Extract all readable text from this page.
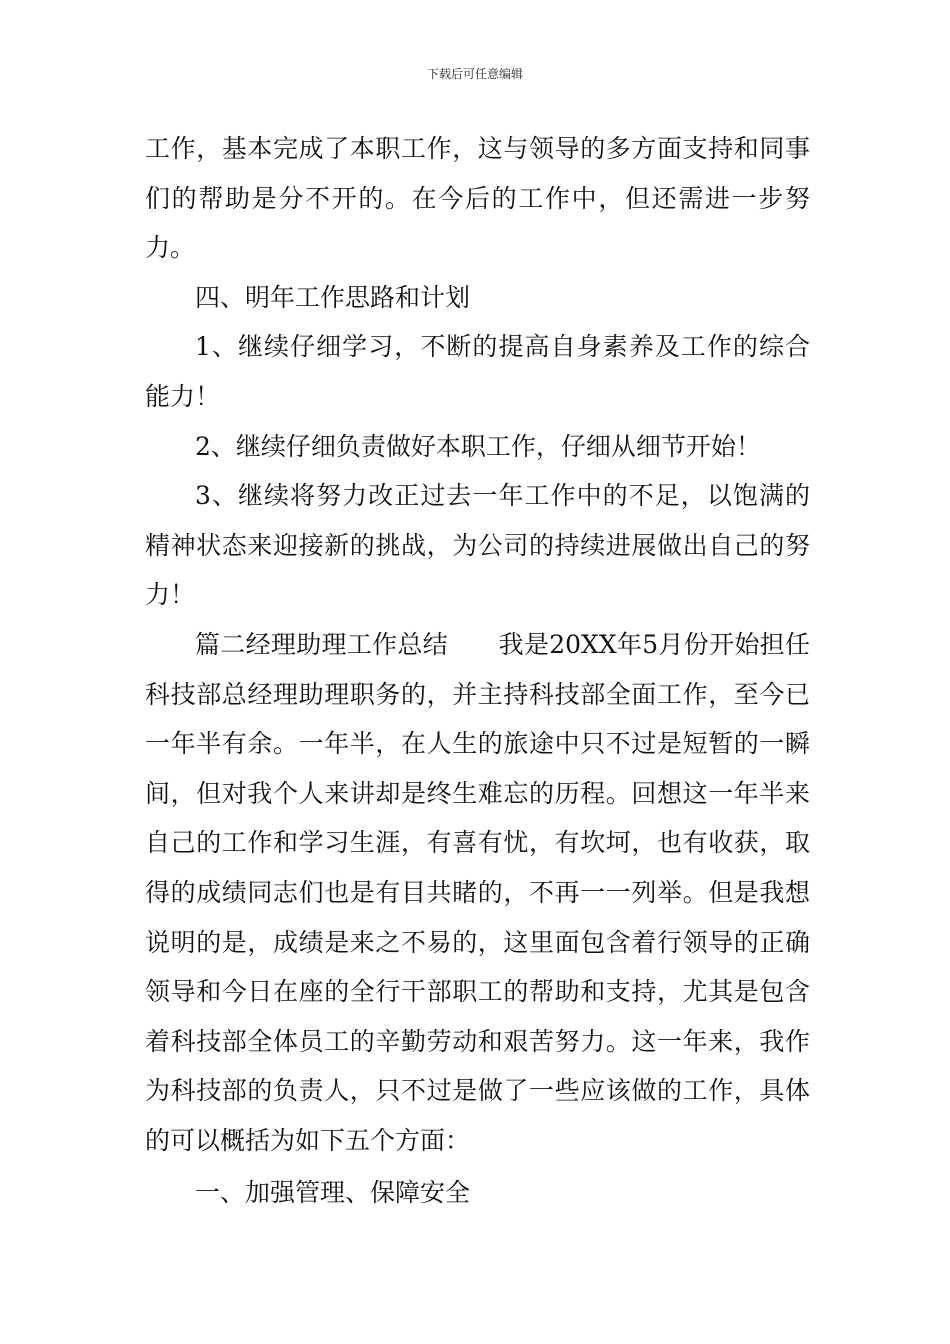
下载后可任意编辑

工作，基本完成了本职工作，这与领导的多方面支持和同事们的帮助是分不开的。在今后的工作中，但还需进一步努力。

四、明年工作思路和计划

1、继续仔细学习，不断的提高自身素养及工作的综合能力！

2、继续仔细负责做好本职工作，仔细从细节开始！

3、继续将努力改正过去一年工作中的不足，以饱满的精神状态来迎接新的挑战，为公司的持续进展做出自己的努力！

篇二经理助理工作总结　　我是20XX年5月份开始担任科技部总经理助理职务的，并主持科技部全面工作，至今已一年半有余。一年半，在人生的旅途中只不过是短暂的一瞬间，但对我个人来讲却是终生难忘的历程。回想这一年半来自己的工作和学习生涯，有喜有忧，有坎坷，也有收获，取得的成绩同志们也是有目共睹的，不再一一列举。但是我想说明的是，成绩是来之不易的，这里面包含着行领导的正确领导和今日在座的全行干部职工的帮助和支持，尤其是包含着科技部全体员工的辛勤劳动和艰苦努力。这一年来，我作为科技部的负责人，只不过是做了一些应该做的工作，具体的可以概括为如下五个方面：

一、加强管理、保障安全
